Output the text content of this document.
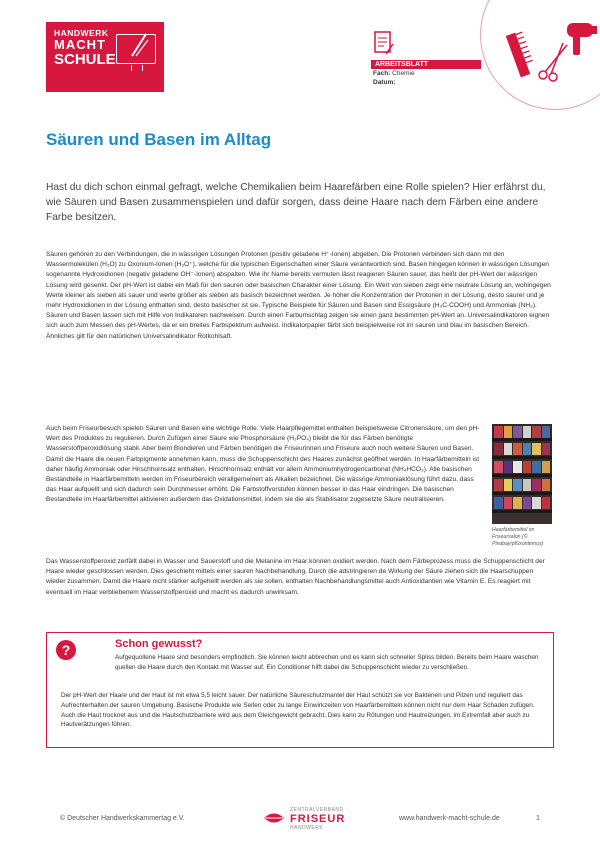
HANDWERK
MACHT
SCHULE	ARBEITSBLATT
Fach: Chemie
Datum:
Säuren und Basen im Alltag

Hast du dich schon einmal gefragt, welche Chemikalien beim Haarefärben eine Rolle spielen? Hier erfährst du, wie Säuren und Basen zusammenspielen und dafür sorgen, dass deine Haare nach dem Färben eine andere Farbe besitzen.

Säuren gehören zu den Verbindungen, die in wässrigen Lösungen Protonen (positiv geladene H⁺-Ionen) abgeben. Die Protonen verbinden sich dann mit den Wassermolekülen (H₂O) zu Oxonium-Ionen (H₃O⁺), welche für die typischen Eigenschaften einer Säure verantwortlich sind. Basen hingegen können in wässrigen Lösungen sogenannte Hydroxidionen (negativ geladene OH⁻-Ionen) abspalten. Wie ihr Name bereits vermuten lässt reagieren Säuren sauer, das heißt der pH-Wert der wässrigen Lösung wird gesenkt. Der pH-Wert ist dabei ein Maß für den sauren oder basischen Charakter einer Lösung. Ein Wert von sieben zeigt eine neutrale Lösung an, wohingegen Werte kleiner als sieben als sauer und werte größer als sieben als basisch bezeichnet werden. Je höher die Konzentration der Protonen in der Lösung, desto saurer und je mehr Hydroxidionen in der Lösung enthalten sind, desto basischer ist sie. Typische Beispiele für Säuren und Basen sind Essigsäure (H₃C-COOH) und Ammoniak (NH₃). Säuren und Basen lassen sich mit Hilfe von Indikatoren nachweisen. Durch einen Farbumschlag zeigen sie einen ganz bestimmten pH-Wert an. Universalindikatoren eignen sich auch zum Messen des pH-Wertes, da er ein breites Farbspektrum aufweist. Indikatorpapier färbt sich beispielweise rot im sauren und blau im basischen Bereich. Ähnliches gilt für den natürlichen Universalindikator Rotkohlsaft.

Auch beim Friseurbesuch spielen Säuren und Basen eine wichtige Rolle. Viele Haarpflegemittel enthalten beispielsweise Citronensäure, um den pH-Wert des Produktes zu regulieren. Durch Zufügen einer Säure wie Phosphorsäure (H₃PO₄) bleibt die für das Färben benötigte Wasserstoffperoxidlösung stabil. Aber beim Blondieren und Färben benötigen die Friseurinnen und Friseure auch noch weitere Säuren und Basen. Damit die Haare die neuen Farbpigmente annehmen kann, muss die Schuppenschicht des Haares zunächst geöffnet werden. In Haarfärbemitteln ist daher häufig Ammoniak oder Hirschhornsalz enthalten. Hirschhornsalz enthält vor allem Ammoniumhydrogencarbonat (NH₄HCO₃). Alle basischen Bestandteile in Haarfärbemitteln werden im Friseurbereich verallgemeinert als Alkalien bezeichnet. Die wässrige Ammoniaklösung führt dazu, dass das Haar aufquellt und sich dadurch sein Durchmesser erhöht. Die Farbstoffvorstufen können besser in das Haar eindringen. Die basischen Bestandteile im Haarfärbemittel aktivieren außerdem das Oxidationsmittel, indem sie die als Stabilisator zugesetzte Säure neutralisieren.

Haarfärbemittel im Friseursalon (© Pixabay/pfüxontemus)

Das Wasserstoffperoxid zerfällt dabei in Wasser und Sauerstoff und die Melanine im Haar können oxidiert werden. Nach dem Färbeprozess muss die Schuppenschicht der Haare wieder geschlossen werden. Dies geschieht mittels einer sauren Nachbehandlung. Durch die adstringieren de Wirkung der Säure ziehen sich die Haarschuppen wieder zusammen. Damit die Haare nicht stärker aufgehellt werden als sie sollen, enthalten Nachbehandlungsmittel auch Antioxidantien wie Vitamin E. Es reagiert mit eventuell im Haar verbliebenem Wasserstoffperoxid und macht es dadurch unwirksam.

?	Schon gewusst?

Aufgequollene Haare sind besonders empfindlich. Sie können leicht abbrechen und es kann sich schneller Spliss bilden. Bereits beim Haare waschen quellen die Haare durch den Kontakt mit Wasser auf. Ein Conditioner hilft dabei die Schuppenschicht wieder zu verschließen.

Der pH-Wert der Haare und der Haut ist mit etwa 5,5 leicht sauer. Der natürliche Säureschutzmantel der Haut schützt sie vor Bakterien und Pilzen und reguliert das Aufrechterhalten der sauren Umgebung. Basische Produkte wie Seifen oder zu lange Einwirkzeiten von Haarfärbemitteln können nicht nur dem Haar Schaden zufügen. Auch die Haut trocknet aus und die Hautschutzbarriere wird aus dem Gleichgewicht gebracht. Dies kann zu Rötungen und Hautreizungen, im Extremfall aber auch zu Hautverätzungen führen.

© Deutscher Handwerkskammertag e.V.
ZENTRALVERBAND
FRISEUR
HANDWERK
www.handwerk-macht-schule.de	1
